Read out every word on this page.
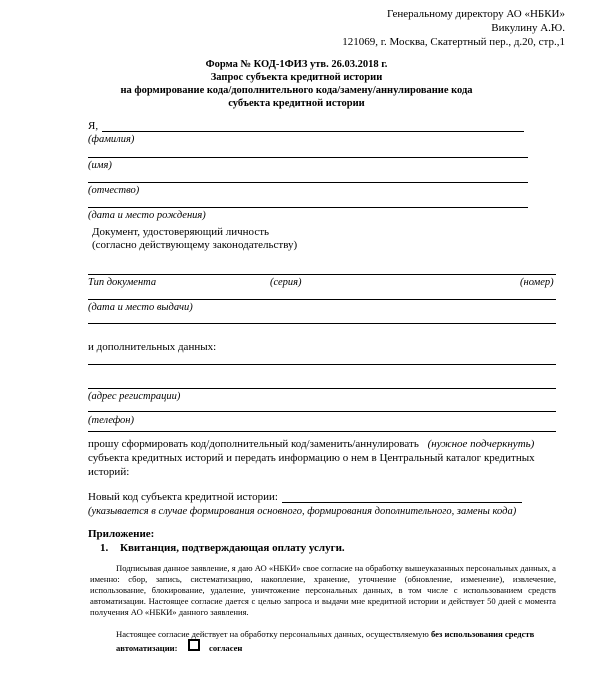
Генеральному директору АО «НБКИ»
Викулину А.Ю.
121069, г. Москва, Скатертный пер., д.20, стр.,1
Форма № КОД-1ФИЗ утв. 26.03.2018 г.
Запрос субъекта кредитной истории
на формирование кода/дополнительного кода/замену/аннулирование кода
субъекта кредитной истории
Я,
(фамилия)
(имя)
(отчество)
(дата и место рождения)
Документ, удостоверяющий личность
(согласно действующему законодательству)
Тип документа	(серия)	(номер)
(дата и место выдачи)
и дополнительных данных:
(адрес регистрации)
(телефон)
прошу сформировать код/дополнительный код/заменить/аннулировать (нужное подчеркнуть)
субъекта кредитных историй и передать информацию о нем в Центральный каталог кредитных
историй:
Новый код субъекта кредитной истории:
(указывается в случае формирования основного, формирования дополнительного, замены кода)
Приложение:
1. Квитанция, подтверждающая оплату услуги.
Подписывая данное заявление, я даю АО «НБКИ» свое согласие на обработку вышеуказанных персональных данных, а именно: сбор, запись, систематизацию, накопление, хранение, уточнение (обновление, изменение), извлечение, использование, блокирование, удаление, уничтожение персональных данных, в том числе с использованием средств автоматизации. Настоящее согласие дается с целью запроса и выдачи мне кредитной истории и действует 50 дней с момента получения АО «НБКИ» данного заявления.
Настоящее согласие действует на обработку персональных данных, осуществляемую без использования средств
автоматизации:	согласен
